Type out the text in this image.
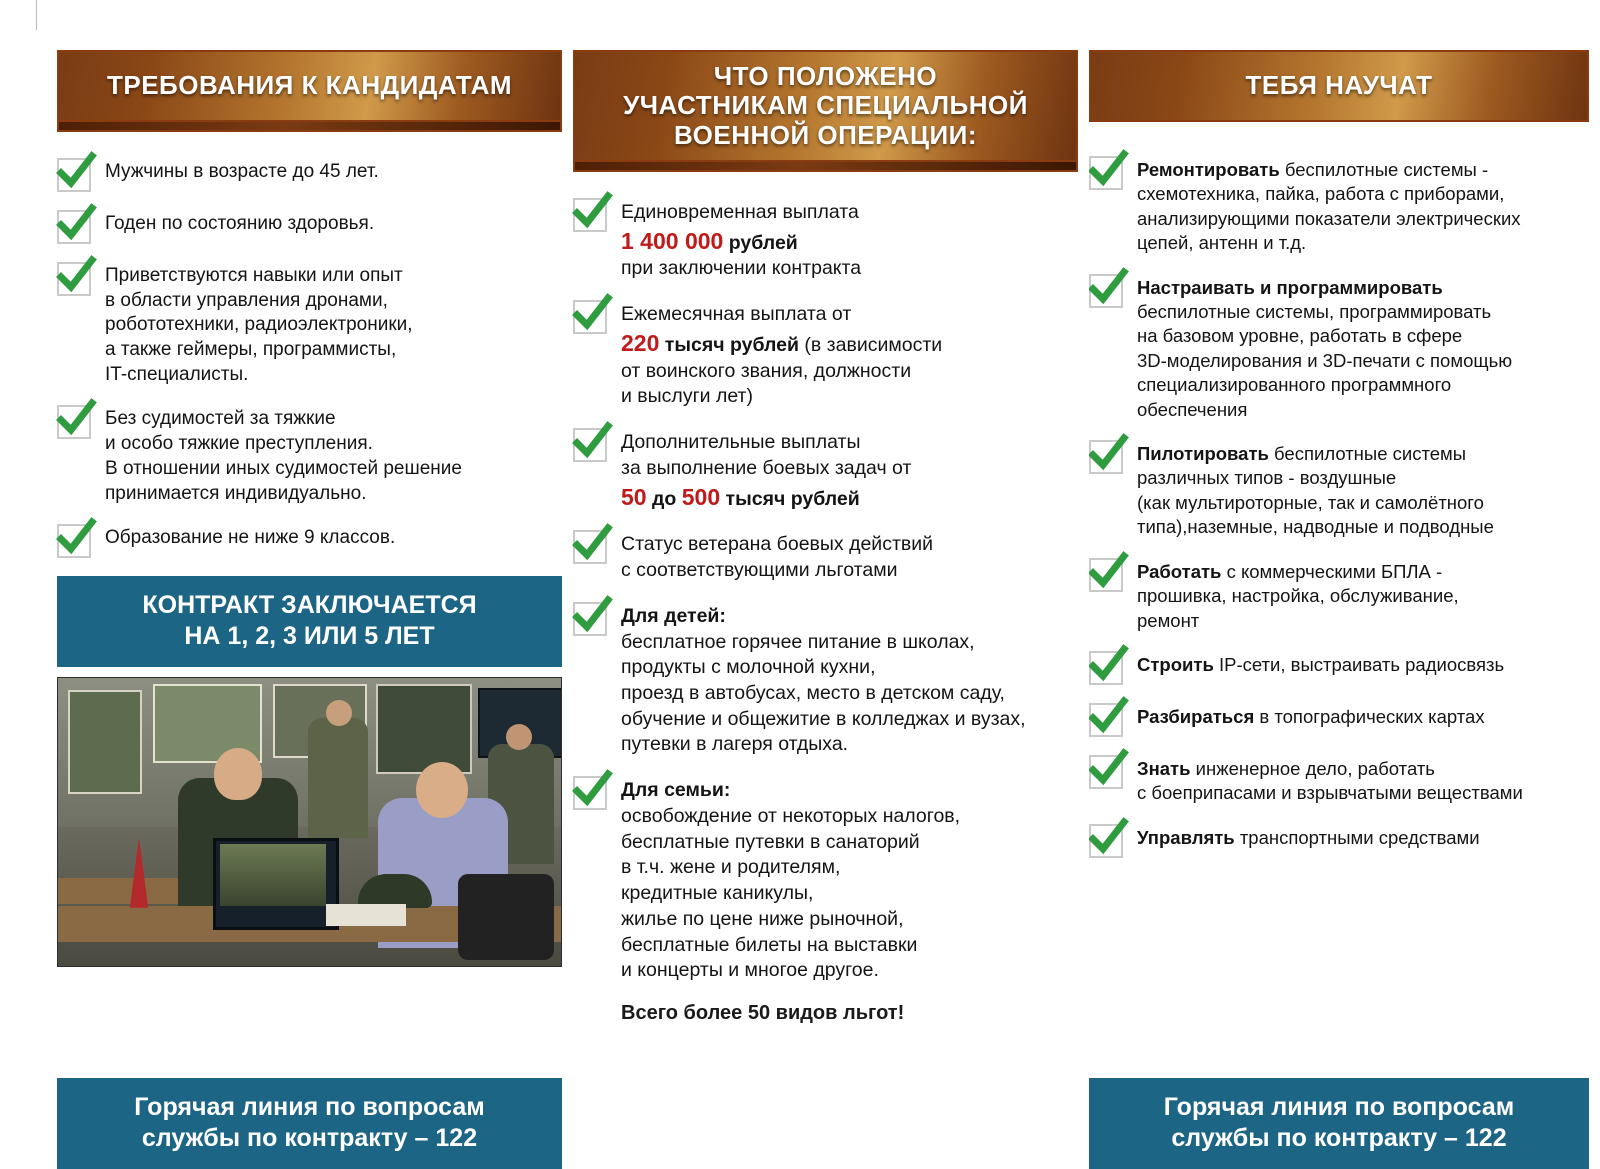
ТРЕБОВАНИЯ К КАНДИДАТАМ
Мужчины в возрасте до 45 лет.
Годен по состоянию здоровья.
Приветствуются навыки или опыт
в области управления дронами,
робототехники, радиоэлектроники,
а также геймеры, программисты,
IT-специалисты.
Без судимостей за тяжкие
и особо тяжкие преступления.
В отношении иных судимостей решение
принимается индивидуально.
Образование не ниже 9 классов.
КОНТРАКТ ЗАКЛЮЧАЕТСЯ
НА 1, 2, 3 ИЛИ 5 ЛЕТ
Горячая линия по вопросам
службы по контракту – 122
ЧТО ПОЛОЖЕНО
УЧАСТНИКАМ СПЕЦИАЛЬНОЙ
ВОЕННОЙ ОПЕРАЦИИ:
Единовременная выплата
1 400 000 рублей
при заключении контракта
Ежемесячная выплата от
220 тысяч рублей (в зависимости
от воинского звания, должности
и выслуги лет)
Дополнительные выплаты
за выполнение боевых задач от
50 до 500 тысяч рублей
Статус ветерана боевых действий
с соответствующими льготами
Для детей:
бесплатное горячее питание в школах,
продукты с молочной кухни,
проезд в автобусах, место в детском саду,
обучение и общежитие в колледжах и вузах,
путевки в лагеря отдыха.
Для семьи:
освобождение от некоторых налогов,
бесплатные путевки в санаторий
в т.ч. жене и родителям,
кредитные каникулы,
жилье по цене ниже рыночной,
бесплатные билеты на выставки
и концерты и многое другое.
Всего более 50 видов льгот!
ТЕБЯ НАУЧАТ
Ремонтировать беспилотные системы -
схемотехника, пайка, работа с приборами,
анализирующими показатели электрических
цепей, антенн и т.д.
Настраивать и программировать
беспилотные системы, программировать
на базовом уровне, работать в сфере
3D-моделирования и 3D-печати с помощью
специализированного программного
обеспечения
Пилотировать беспилотные системы
различных типов - воздушные
(как мультироторные, так и самолётного
типа),наземные, надводные и подводные
Работать с коммерческими БПЛА -
прошивка, настройка, обслуживание,
ремонт
Строить IP-сети, выстраивать радиосвязь
Разбираться в топографических картах
Знать инженерное дело, работать
с боеприпасами и взрывчатыми веществами
Управлять транспортными средствами
Горячая линия по вопросам
службы по контракту – 122
